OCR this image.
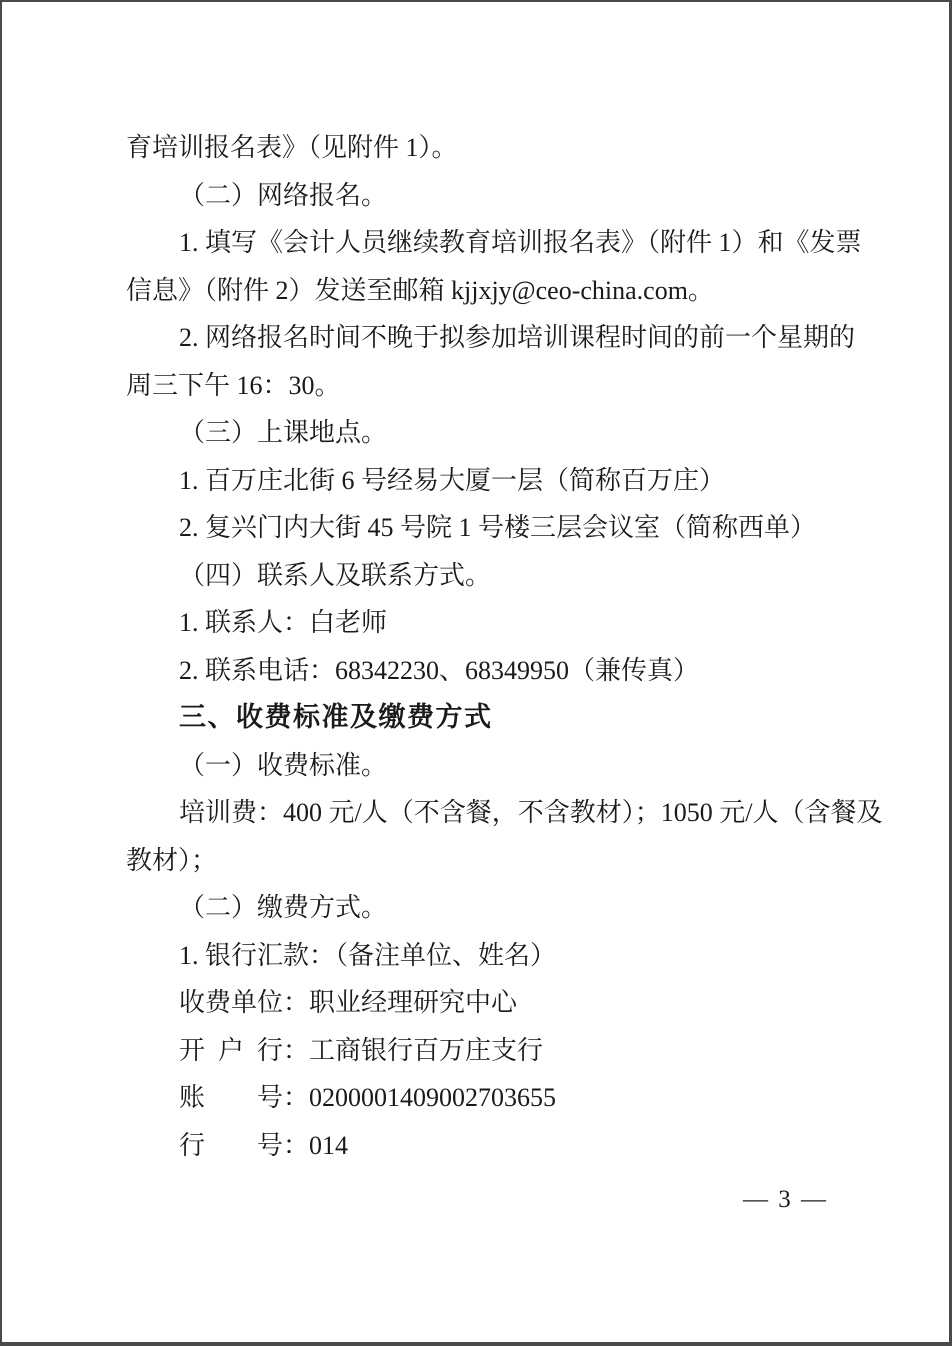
育培训报名表》（见附件 1）。
（二）网络报名。
1. 填写《会计人员继续教育培训报名表》（附件 1）和《发票
信息》（附件 2）发送至邮箱 kjjxjy@ceo-china.com。
2. 网络报名时间不晚于拟参加培训课程时间的前一个星期的
周三下午 16：30。
（三）上课地点。
1. 百万庄北街 6 号经易大厦一层（简称百万庄）
2. 复兴门内大街 45 号院 1 号楼三层会议室（简称西单）
（四）联系人及联系方式。
1. 联系人：白老师
2. 联系电话：68342230、68349950（兼传真）
三、收费标准及缴费方式
（一）收费标准。
培训费：400 元/人（不含餐，不含教材）；1050 元/人（含餐及
教材）；
（二）缴费方式。
1. 银行汇款：（备注单位、姓名）
收费单位：职业经理研究中心
开 户 行：工商银行百万庄支行
账　　号：0200001409002703655
行　　号：014
— 3 —
